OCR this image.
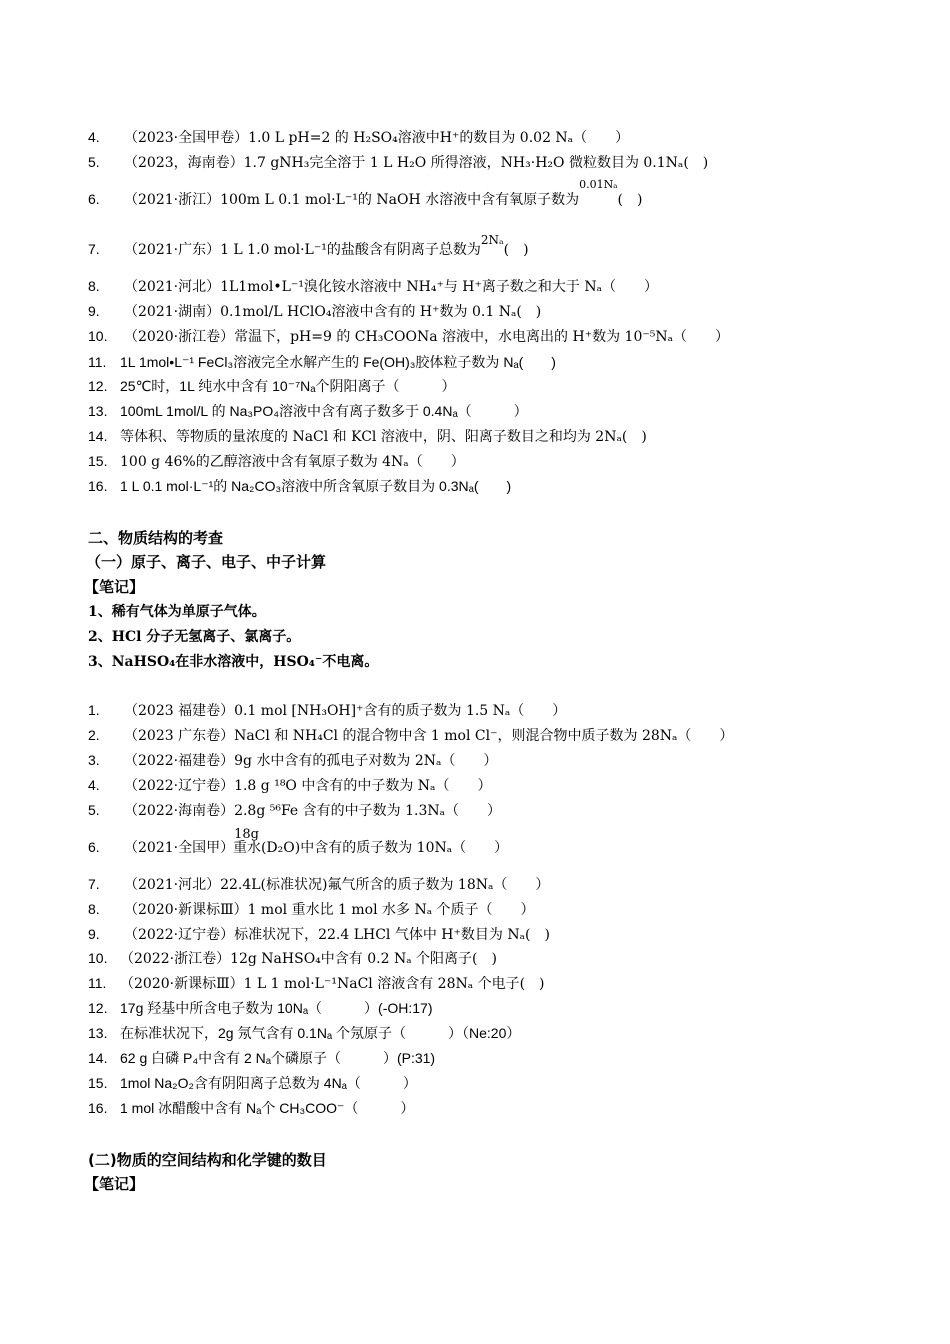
4. （2023·全国甲卷）1.0 L pH=2 的 H₂SO₄溶液中H⁺的数目为 0.02 Nₐ（　　）
5. （2023，海南卷）1.7 gNH₃完全溶于 1 L H₂O 所得溶液，NH₃·H₂O 微粒数目为 0.1Nₐ(　)
6. （2021·浙江）100m L 0.1 mol·L⁻¹的 NaOH 水溶液中含有氧原子数为$^{0.01N_a}$(　)
7. （2021·广东）1 L 1.0 mol·L⁻¹的盐酸含有阴离子总数为2Nₐ(　)
8. （2021·河北）1L1mol•L⁻¹溴化铵水溶液中 NH₄⁺与 H⁺离子数之和大于 Nₐ（　　）
9. （2021·湖南）0.1mol/L HClO₄溶液中含有的 H⁺数为 0.1 Nₐ(　)
10. （2020·浙江卷）常温下，pH=9 的 CH₃COONa 溶液中，水电离出的 H⁺数为 10⁻⁵Nₐ（　　）
11. 1L 1mol•L⁻¹ FeCl₃溶液完全水解产生的 Fe(OH)₃胶体粒子数为 Nₐ(　　)
12. 25℃时，1L 纯水中含有 10⁻⁷Nₐ个阴阳离子（　　　）
13. 100mL 1mol/L 的 Na₃PO₄溶液中含有离子数多于 0.4Nₐ（　　　）
14. 等体积、等物质的量浓度的 NaCl 和 KCl 溶液中，阴、阳离子数目之和均为 2Nₐ(　)
15. 100 g 46%的乙醇溶液中含有氧原子数为 4Nₐ（　　）
16. 1 L 0.1 mol·L⁻¹的 Na₂CO₃溶液中所含氧原子数目为 0.3Nₐ(　　)
二、物质结构的考查
（一）原子、离子、电子、中子计算
【笔记】
1、稀有气体为单原子气体。
2、HCl 分子无氢离子、氯离子。
3、NaHSO₄在非水溶液中，HSO₄⁻不电离。
1. （2023 福建卷）0.1 mol [NH₃OH]⁺含有的质子数为 1.5 Nₐ（　　）
2. （2023 广东卷）NaCl 和 NH₄Cl 的混合物中含 1 mol Cl⁻，则混合物中质子数为 28Nₐ（　　）
3. （2022·福建卷）9g 水中含有的孤电子对数为 2Nₐ（　　）
4. （2022·辽宁卷）1.8 g ¹⁸O 中含有的中子数为 Nₐ（　　）
5. （2022·海南卷）2.8g ⁵⁶Fe 含有的中子数为 1.3Nₐ（　　）
6. （2021·全国甲）18g重水(D₂O)中含有的质子数为 10Nₐ（　　）
7. （2021·河北）22.4L(标准状况)氟气所含的质子数为 18Nₐ（　　）
8. （2020·新课标Ⅲ）1 mol 重水比 1 mol 水多 Nₐ 个质子（　　）
9. （2022·辽宁卷）标准状况下，22.4 LHCl 气体中 H⁺数目为 Nₐ(　)
10. （2022·浙江卷）12g NaHSO₄中含有 0.2 Nₐ 个阳离子(　)
11. （2020·新课标Ⅲ）1 L 1 mol·L⁻¹NaCl 溶液含有 28Nₐ 个电子(　)
12. 17g 羟基中所含电子数为 10Nₐ（　　　）(-OH:17)
13. 在标准状况下，2g 氖气含有 0.1Nₐ 个氖原子（　　　）（Ne:20）
14. 62 g 白磷 P₄中含有 2 Nₐ个磷原子（　　　）(P:31)
15. 1mol Na₂O₂含有阴阳离子总数为 4Nₐ（　　　）
16. 1 mol 冰醋酸中含有 Nₐ个 CH₃COO⁻（　　　）
(二)物质的空间结构和化学键的数目
【笔记】
